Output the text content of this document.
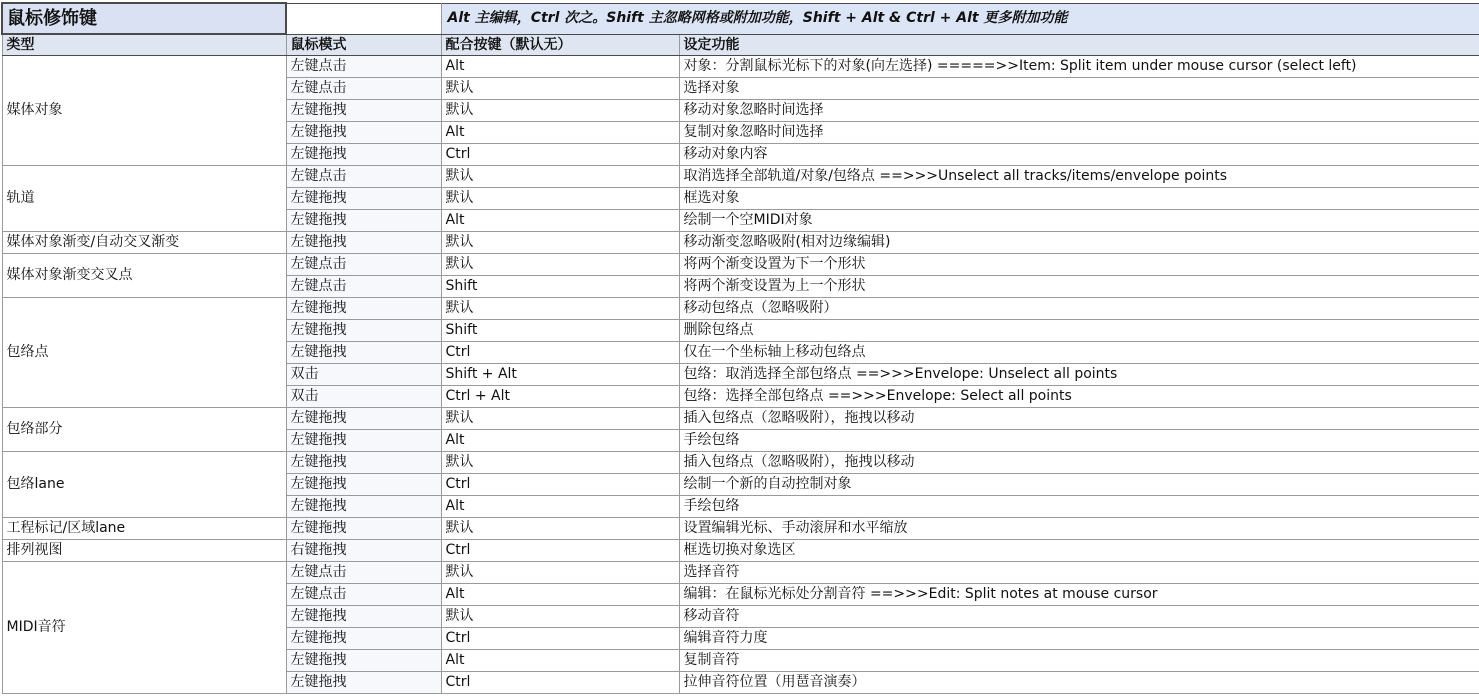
鼠标修饰键		Alt 主编辑，Ctrl 次之。Shift 主忽略网格或附加功能，Shift + Alt & Ctrl + Alt 更多附加功能	
类型	鼠标模式	配合按键（默认无）	设定功能
媒体对象	左键点击	Alt	对象：分割鼠标光标下的对象(向左选择) =====>>Item: Split item under mouse cursor (select left)
	左键点击	默认	选择对象
	左键拖拽	默认	移动对象忽略时间选择
	左键拖拽	Alt	复制对象忽略时间选择
	左键拖拽	Ctrl	移动对象内容
轨道	左键点击	默认	取消选择全部轨道/对象/包络点 ==>>>Unselect all tracks/items/envelope points
	左键拖拽	默认	框选对象
	左键拖拽	Alt	绘制一个空MIDI对象
媒体对象渐变/自动交叉渐变	左键拖拽	默认	移动渐变忽略吸附(相对边缘编辑)
媒体对象渐变交叉点	左键点击	默认	将两个渐变设置为下一个形状
	左键点击	Shift	将两个渐变设置为上一个形状
包络点	左键拖拽	默认	移动包络点（忽略吸附）
	左键拖拽	Shift	删除包络点
	左键拖拽	Ctrl	仅在一个坐标轴上移动包络点
	双击	Shift + Alt	包络：取消选择全部包络点 ==>>>Envelope: Unselect all points
	双击	Ctrl + Alt	包络：选择全部包络点 ==>>>Envelope: Select all points
包络部分	左键拖拽	默认	插入包络点（忽略吸附），拖拽以移动
	左键拖拽	Alt	手绘包络
包络lane	左键拖拽	默认	插入包络点（忽略吸附），拖拽以移动
	左键拖拽	Ctrl	绘制一个新的自动控制对象
	左键拖拽	Alt	手绘包络
工程标记/区域lane	左键拖拽	默认	设置编辑光标、手动滚屏和水平缩放
排列视图	右键拖拽	Ctrl	框选切换对象选区
MIDI音符	左键点击	默认	选择音符
	左键点击	Alt	编辑：在鼠标光标处分割音符 ==>>>Edit: Split notes at mouse cursor
	左键拖拽	默认	移动音符
	左键拖拽	Ctrl	编辑音符力度
	左键拖拽	Alt	复制音符
	左键拖拽	Ctrl	拉伸音符位置（用琶音演奏）
